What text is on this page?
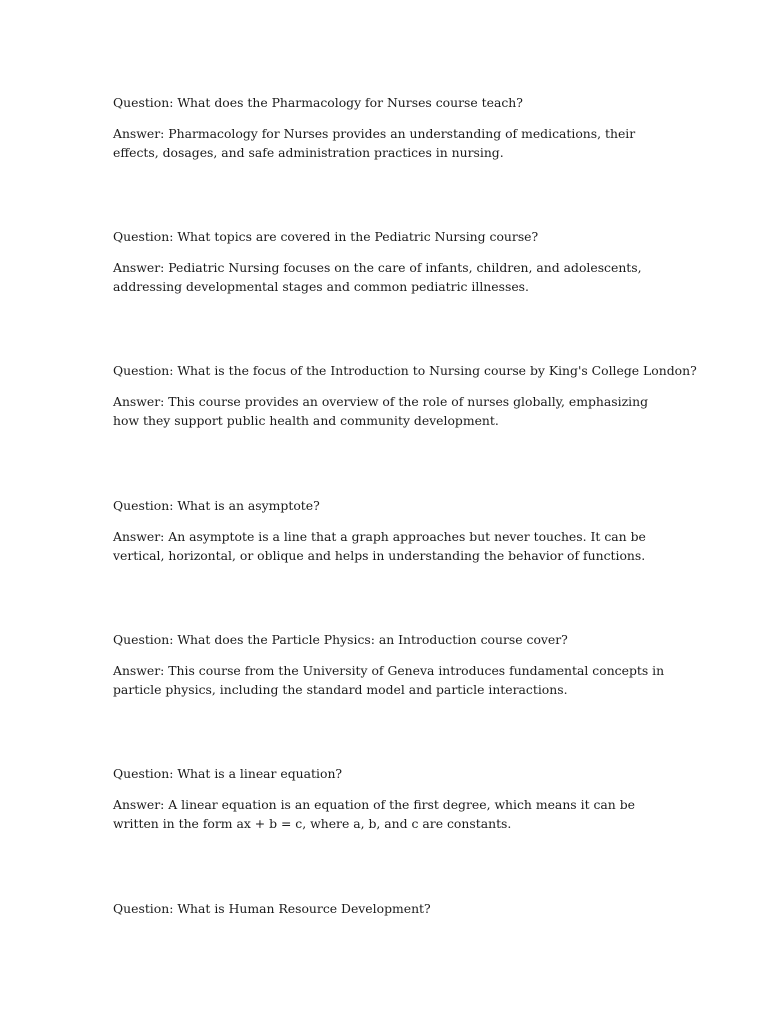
Question: What does the Pharmacology for Nurses course teach?

Answer: Pharmacology for Nurses provides an understanding of medications, their effects, dosages, and safe administration practices in nursing.

Question: What topics are covered in the Pediatric Nursing course?

Answer: Pediatric Nursing focuses on the care of infants, children, and adolescents, addressing developmental stages and common pediatric illnesses.

Question: What is the focus of the Introduction to Nursing course by King's College London?

Answer: This course provides an overview of the role of nurses globally, emphasizing how they support public health and community development.

Question: What is an asymptote?

Answer: An asymptote is a line that a graph approaches but never touches. It can be vertical, horizontal, or oblique and helps in understanding the behavior of functions.

Question: What does the Particle Physics: an Introduction course cover?

Answer: This course from the University of Geneva introduces fundamental concepts in particle physics, including the standard model and particle interactions.

Question: What is a linear equation?

Answer: A linear equation is an equation of the first degree, which means it can be written in the form ax + b = c, where a, b, and c are constants.

Question: What is Human Resource Development?
